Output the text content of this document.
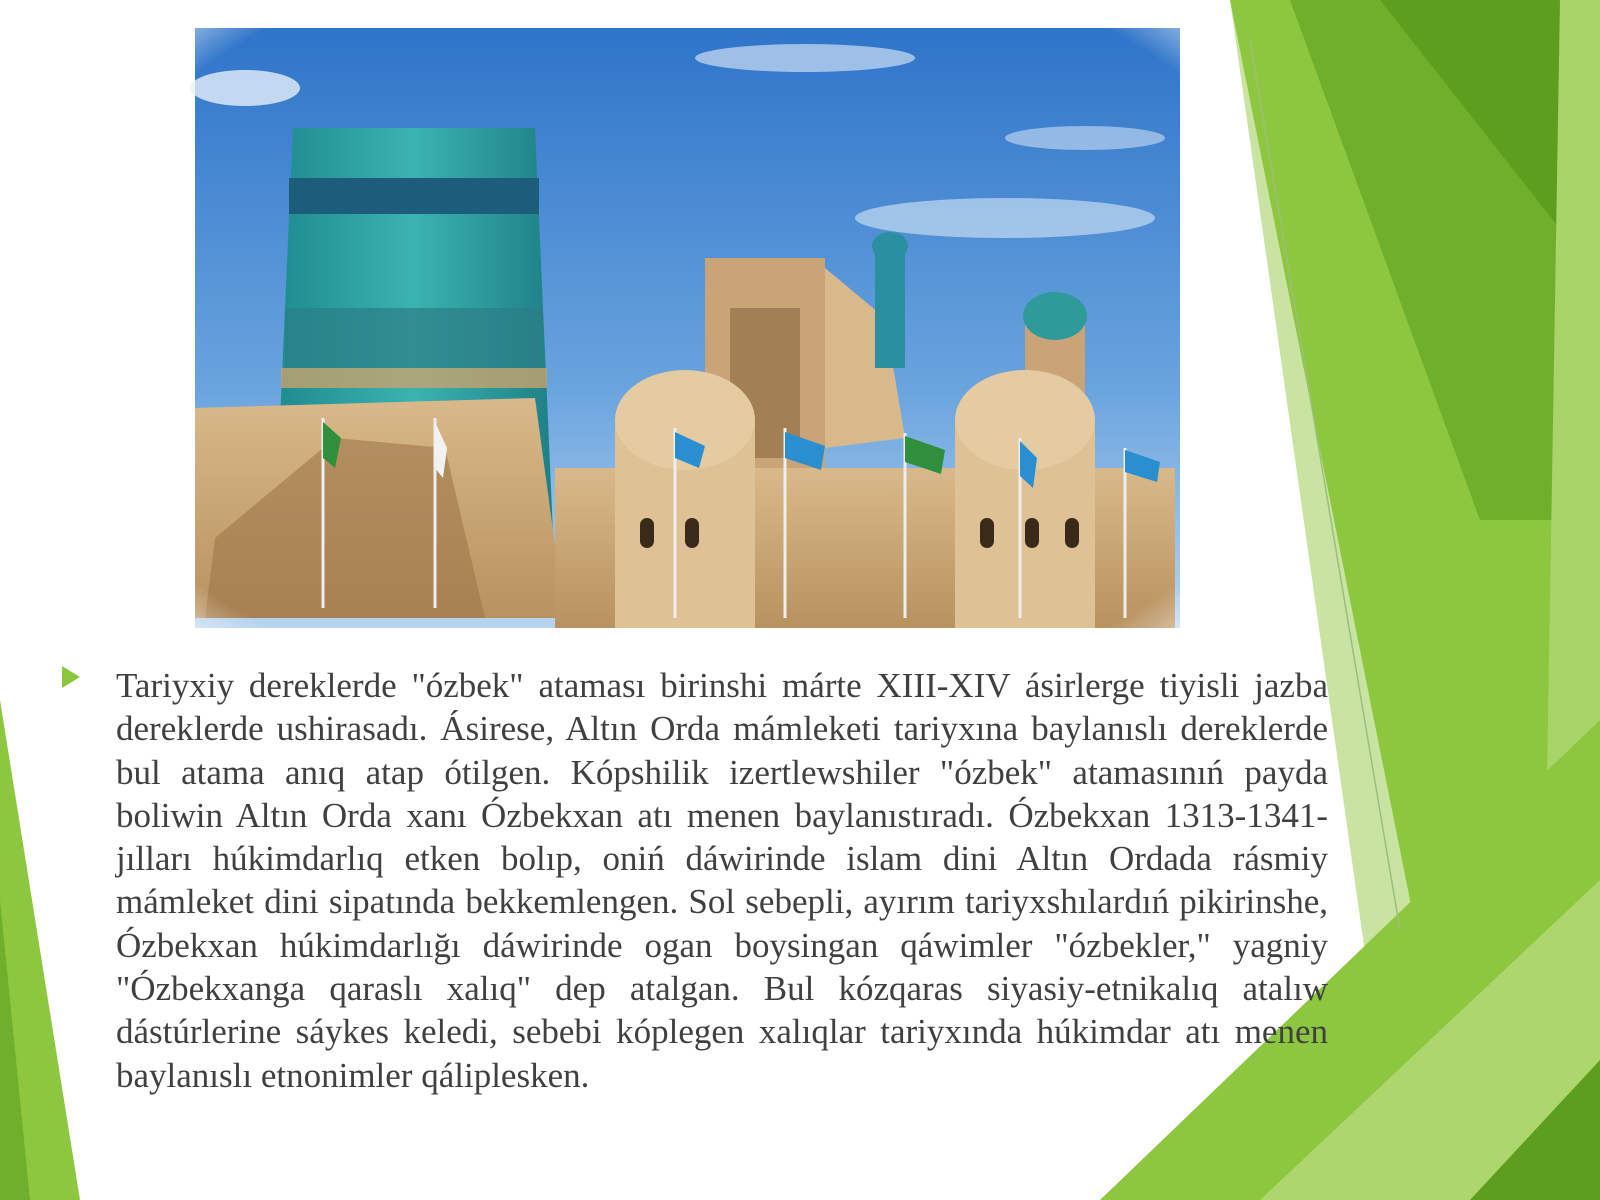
Tariyxiy dereklerde "ózbek" ataması birinshi márte XIII-XIV ásirlerge tiyisli jazba dereklerde ushirasadı. Ásirese, Altın Orda mámleketi tariyxına baylanıslı dereklerde bul atama anıq atap ótilgen. Kópshilik izertlewshiler "ózbek" atamasınıń payda boliwin Altın Orda xanı Ózbekxan atı menen baylanıstıradı. Ózbekxan 1313-1341-jılları húkimdarlıq etken bolıp, oniń dáwirinde islam dini Altın Ordada rásmiy mámleket dini sipatında bekkemlengen. Sol sebepli, ayırım tariyxshılardıń pikirinshe, Ózbekxan húkimdarlığı dáwirinde ogan boysingan qáwimler "ózbekler," yagniy "Ózbekxanga qaraslı xalıq" dep atalgan. Bul kózqaras siyasiy-etnikalıq atalıw dástúrlerine sáykes keledi, sebebi kóplegen xalıqlar tariyxında húkimdar atı menen baylanıslı etnonimler qáliplesken.
